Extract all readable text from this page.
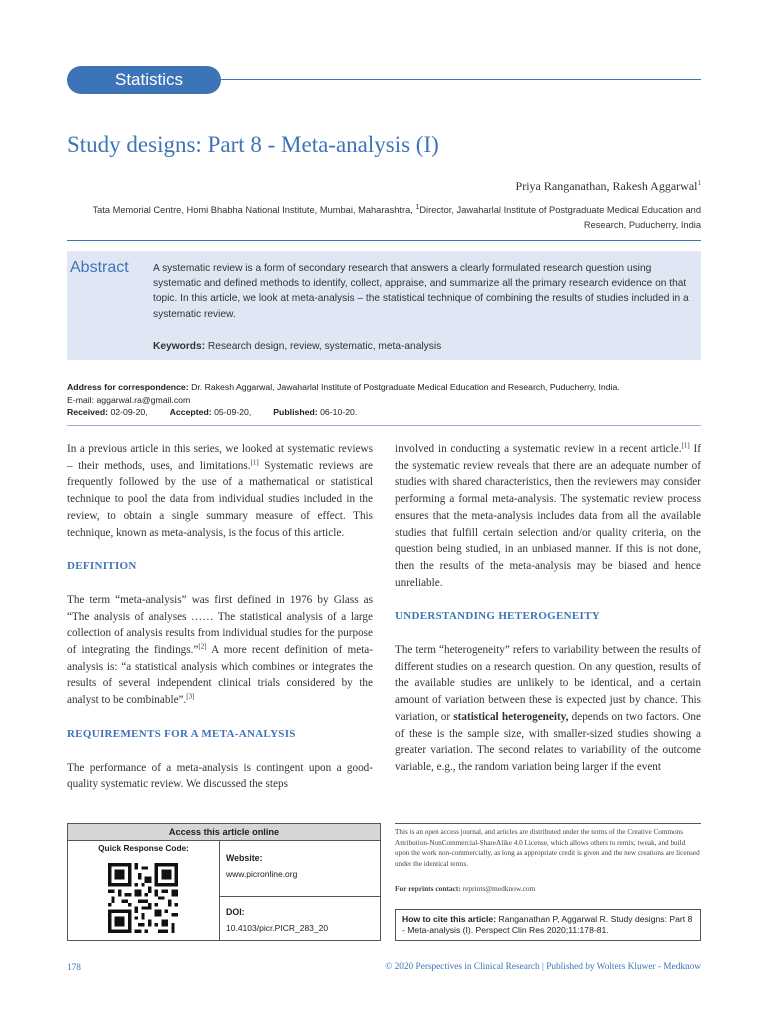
Statistics
Study designs: Part 8 - Meta-analysis (I)
Priya Ranganathan, Rakesh Aggarwal$^1$
Tata Memorial Centre, Homi Bhabha National Institute, Mumbai, Maharashtra, $^1$Director, Jawaharlal Institute of Postgraduate Medical Education and Research, Puducherry, India
Abstract A systematic review is a form of secondary research that answers a clearly formulated research question using systematic and defined methods to identify, collect, appraise, and summarize all the primary research evidence on that topic. In this article, we look at meta-analysis – the statistical technique of combining the results of studies included in a systematic review.
Keywords: Research design, review, systematic, meta-analysis
Address for correspondence: Dr. Rakesh Aggarwal, Jawaharlal Institute of Postgraduate Medical Education and Research, Puducherry, India.
E-mail: aggarwal.ra@gmail.com
Received: 02-09-20,	Accepted: 05-09-20,	Published: 06-10-20.

In a previous article in this series, we looked at systematic reviews – their methods, uses, and limitations.[1] Systematic reviews are frequently followed by the use of a mathematical or statistical technique to pool the data from individual studies included in the review, to obtain a single summary measure of effect. This technique, known as meta-analysis, is the focus of this article.

DEFINITION

The term “meta-analysis” was first defined in 1976 by Glass as “The analysis of analyses …… The statistical analysis of a large collection of analysis results from individual studies for the purpose of integrating the findings.”[2] A more recent definition of meta-analysis is: “a statistical analysis which combines or integrates the results of several independent clinical trials considered by the analyst to be combinable”.[3]

REQUIREMENTS FOR A META-ANALYSIS

The performance of a meta-analysis is contingent upon a good-quality systematic review. We discussed the steps

involved in conducting a systematic review in a recent article.[1] If the systematic review reveals that there are an adequate number of studies with shared characteristics, then the reviewers may consider performing a formal meta-analysis. The systematic review process ensures that the meta-analysis includes data from all the available studies that fulfill certain selection and/or quality criteria, on the question being studied, in an unbiased manner. If this is not done, then the results of the meta-analysis may be biased and hence unreliable.

UNDERSTANDING HETEROGENEITY

The term “heterogeneity” refers to variability between the results of different studies on a research question. On any question, results of the available studies are unlikely to be identical, and a certain amount of variation between these is expected just by chance. This variation, or statistical heterogeneity, depends on two factors. One of these is the sample size, with smaller-sized studies showing a greater variation. The second relates to variability of the outcome variable, e.g., the random variation being larger if the event

Access this article online
Quick Response Code:
Website:
www.picronline.org
DOI:
10.4103/picr.PICR_283_20
This is an open access journal, and articles are distributed under the terms of the Creative Commons Attribution-NonCommercial-ShareAlike 4.0 License, which allows others to remix, tweak, and build upon the work non-commercially, as long as appropriate credit is given and the new creations are licensed under the identical terms.
For reprints contact: reprints@medknow.com
How to cite this article: Ranganathan P, Aggarwal R. Study designs: Part 8 - Meta-analysis (I). Perspect Clin Res 2020;11:178-81.
178	© 2020 Perspectives in Clinical Research | Published by Wolters Kluwer - Medknow
